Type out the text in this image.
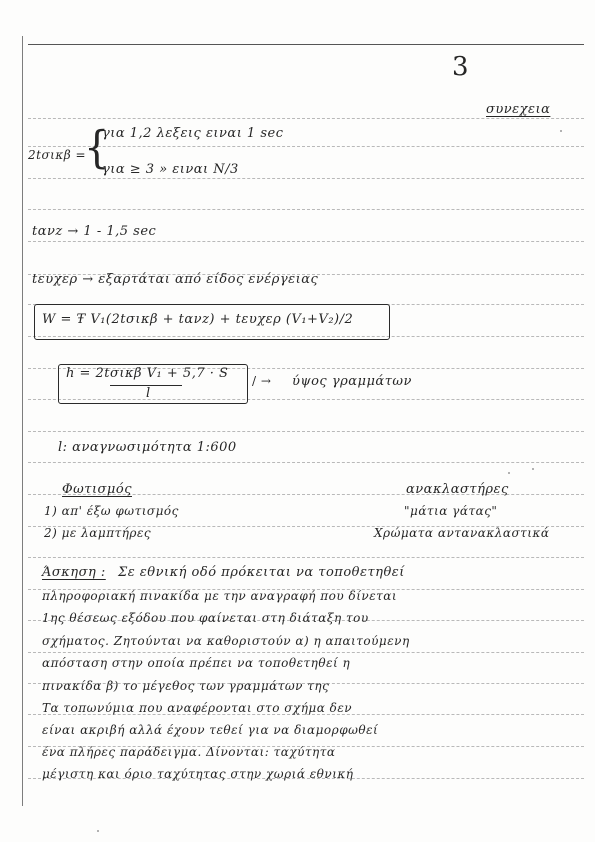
3
συνεχεια
2tσικβ =
{
για 1,2 λεξεις ειναι 1 sec
για ≥ 3 » ειναι N/3
tανz → 1 - 1,5 sec
tευχερ → εξαρτάται από είδος ενέργειας
W = Ŧ V₁(2tσικβ + tανz) + tευχερ (V₁+V₂)/2
h = 2tσικβ V₁ + 5,7 · S
l
ύψος γραμμάτων
/ →
l: αναγνωσιμότητα 1:600
Φωτισμός	ανακλαστήρες
1) απ' έξω φωτισμός	"μάτια γάτας"
2) με λαμπτήρες	Χρώματα αντανακλαστικά
Άσκηση : Σε εθνική οδό πρόκειται να τοποθετηθεί
πληροφοριακή πινακίδα με την αναγραφή που δίνεται
1ης θέσεως εξόδου που φαίνεται στη διάταξη του
σχήματος. Ζητούνται να καθοριστούν α) η απαιτούμενη
απόσταση στην οποία πρέπει να τοποθετηθεί η
πινακίδα β) το μέγεθος των γραμμάτων της
Τα τοπωνύμια που αναφέρονται στο σχήμα δεν
είναι ακριβή αλλά έχουν τεθεί για να διαμορφωθεί
ένα πλήρες παράδειγμα. Δίνονται: ταχύτητα
μέγιστη και όριο ταχύτητας στην χωριά εθνική
